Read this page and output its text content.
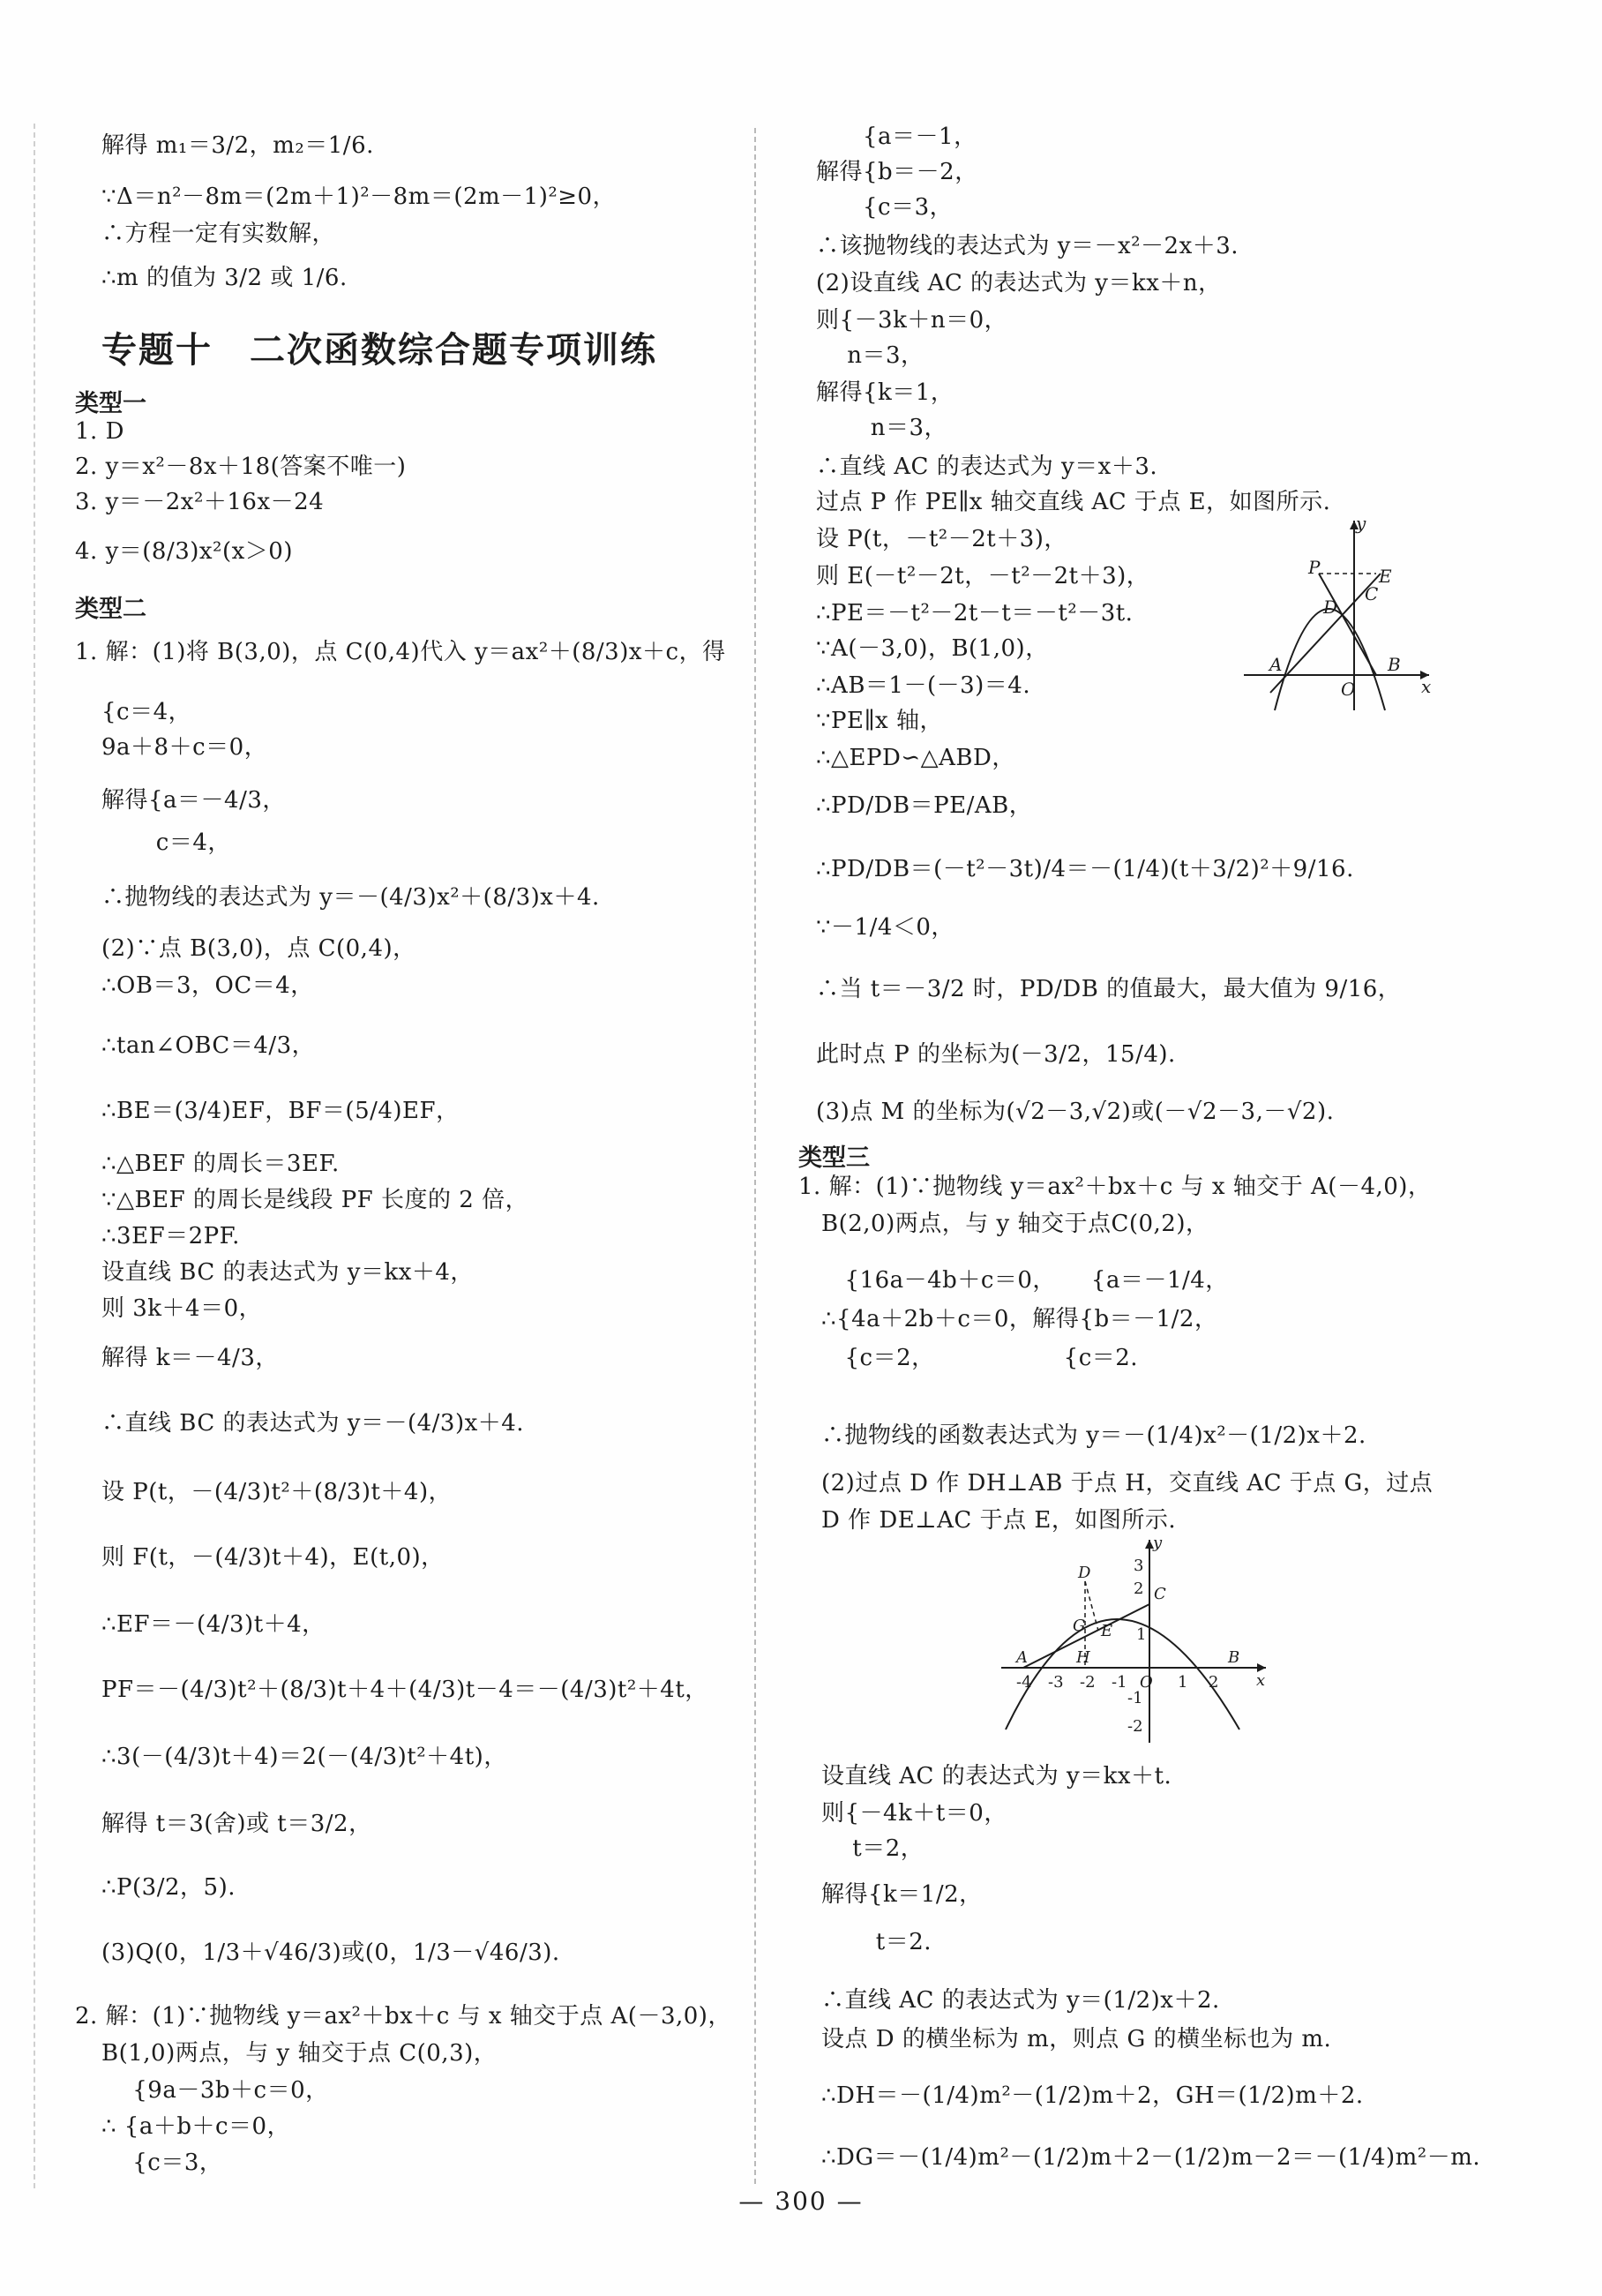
解得 m₁＝3/2，m₂＝1/6.
∵Δ＝n²－8m＝(2m＋1)²－8m＝(2m－1)²≥0，
∴方程一定有实数解，
∴m 的值为 3/2 或 1/6.
专题十　二次函数综合题专项训练
类型一
1. D
2. y＝x²－8x＋18(答案不唯一)
3. y＝－2x²＋16x－24
4. y＝(8/3)x²(x＞0)
类型二
1. 解：(1)将 B(3,0)，点 C(0,4)代入 y＝ax²＋(8/3)x＋c，得
{c＝4，
9a＋8＋c＝0，
解得{a＝－4/3，
　　 c＝4，
∴抛物线的表达式为 y＝－(4/3)x²＋(8/3)x＋4.
(2)∵点 B(3,0)，点 C(0,4)，
∴OB＝3，OC＝4，
∴tan∠OBC＝4/3，
∴BE＝(3/4)EF，BF＝(5/4)EF，
∴△BEF 的周长＝3EF.
∵△BEF 的周长是线段 PF 长度的 2 倍，
∴3EF＝2PF.
设直线 BC 的表达式为 y＝kx＋4，
则 3k＋4＝0，
解得 k＝－4/3，
∴直线 BC 的表达式为 y＝－(4/3)x＋4.
设 P(t，－(4/3)t²＋(8/3)t＋4)，
则 F(t，－(4/3)t＋4)，E(t,0)，
∴EF＝－(4/3)t＋4，
PF＝－(4/3)t²＋(8/3)t＋4＋(4/3)t－4＝－(4/3)t²＋4t，
∴3(－(4/3)t＋4)＝2(－(4/3)t²＋4t)，
解得 t＝3(舍)或 t＝3/2，
∴P(3/2，5).
(3)Q(0，1/3＋√46/3)或(0，1/3－√46/3).
2. 解：(1)∵抛物线 y＝ax²＋bx＋c 与 x 轴交于点 A(－3,0)，
B(1,0)两点，与 y 轴交于点 C(0,3)，
　 {9a－3b＋c＝0，
∴ {a＋b＋c＝0，
　 {c＝3，
　　{a＝－1，
解得{b＝－2，
　　{c＝3，
∴该抛物线的表达式为 y＝－x²－2x＋3.
(2)设直线 AC 的表达式为 y＝kx＋n，
则{－3k＋n＝0，
　 n＝3，
解得{k＝1，
　　 n＝3，
∴直线 AC 的表达式为 y＝x＋3.
过点 P 作 PE∥x 轴交直线 AC 于点 E，如图所示.
设 P(t，－t²－2t＋3)，
则 E(－t²－2t，－t²－2t＋3)，
∴PE＝－t²－2t－t＝－t²－3t.
∵A(－3,0)，B(1,0)，
∴AB＝1－(－3)＝4.
∵PE∥x 轴，
∴△EPD∽△ABD，
∴PD/DB＝PE/AB，
∴PD/DB＝(－t²－3t)/4＝－(1/4)(t＋3/2)²＋9/16.
∵－1/4＜0，
∴当 t＝－3/2 时，PD/DB 的值最大，最大值为 9/16，
此时点 P 的坐标为(－3/2，15/4).
(3)点 M 的坐标为(√2－3,√2)或(－√2－3,－√2).
类型三
1. 解：(1)∵抛物线 y＝ax²＋bx＋c 与 x 轴交于 A(－4,0)，
B(2,0)两点，与 y 轴交于点C(0,2)，
　{16a－4b＋c＝0，　　{a＝－1/4，
∴{4a＋2b＋c＝0，解得{b＝－1/2，
　{c＝2，　　　　　　{c＝2.
∴抛物线的函数表达式为 y＝－(1/4)x²－(1/2)x＋2.
(2)过点 D 作 DH⊥AB 于点 H，交直线 AC 于点 G，过点
D 作 DE⊥AC 于点 E，如图所示.
设直线 AC 的表达式为 y＝kx＋t.
则{－4k＋t＝0，
　 t＝2，
解得{k＝1/2，
　　 t＝2.
∴直线 AC 的表达式为 y＝(1/2)x＋2.
设点 D 的横坐标为 m，则点 G 的横坐标也为 m.
∴DH＝－(1/4)m²－(1/2)m＋2，GH＝(1/2)m＋2.
∴DG＝－(1/4)m²－(1/2)m＋2－(1/2)m－2＝－(1/4)m²－m.
y
P	E
D
C
A
O
B
x
y
3
2
1
D
C
G E
A	H	B
x
-4 -3 -2 -1 O 1 2
-1
-2
— 300 —
